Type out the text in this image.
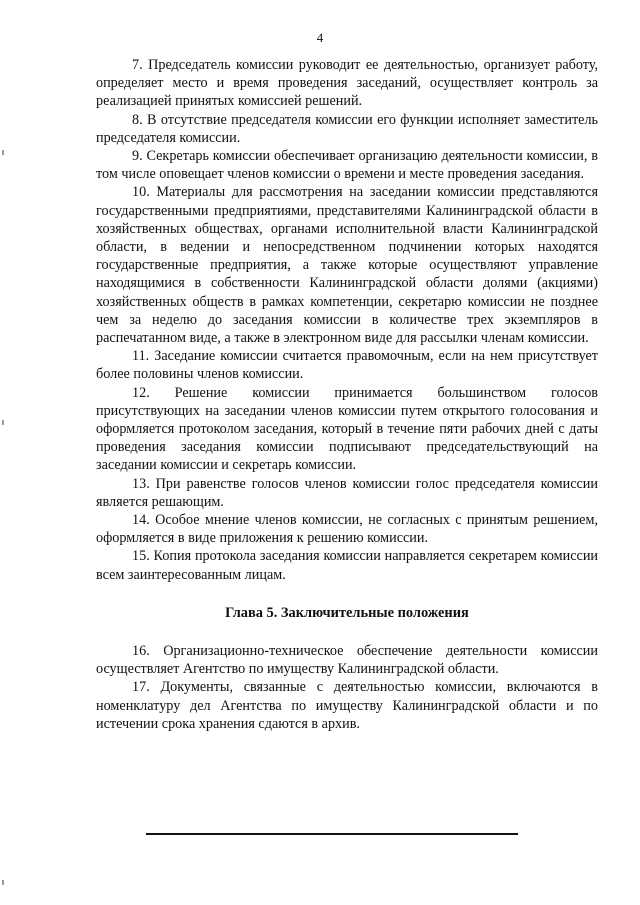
4

7. Председатель комиссии руководит ее деятельностью, организует работу, определяет место и время проведения заседаний, осуществляет контроль за реализацией принятых комиссией решений.

8. В отсутствие председателя комиссии его функции исполняет заместитель председателя комиссии.

9. Секретарь комиссии обеспечивает организацию деятельности комиссии, в том числе оповещает членов комиссии о времени и месте проведения заседания.

10. Материалы для рассмотрения на заседании комиссии представляются государственными предприятиями, представителями Калининградской области в хозяйственных обществах, органами исполнительной власти Калининградской области, в ведении и непосредственном подчинении которых находятся государственные предприятия, а также которые осуществляют управление находящимися в собственности Калининградской области долями (акциями) хозяйственных обществ в рамках компетенции, секретарю комиссии не позднее чем за неделю до заседания комиссии в количестве трех экземпляров в распечатанном виде, а также в электронном виде для рассылки членам комиссии.

11. Заседание комиссии считается правомочным, если на нем присутствует более половины членов комиссии.

12. Решение комиссии принимается большинством голосов присутствующих на заседании членов комиссии путем открытого голосования и оформляется протоколом заседания, который в течение пяти рабочих дней с даты проведения заседания комиссии подписывают председательствующий на заседании комиссии и секретарь комиссии.

13. При равенстве голосов членов комиссии голос председателя комиссии является решающим.

14. Особое мнение членов комиссии, не согласных с принятым решением, оформляется в виде приложения к решению комиссии.

15. Копия протокола заседания комиссии направляется секретарем комиссии всем заинтересованным лицам.

Глава 5. Заключительные положения

16. Организационно-техническое обеспечение деятельности комиссии осуществляет Агентство по имуществу Калининградской области.

17. Документы, связанные с деятельностью комиссии, включаются в номенклатуру дел Агентства по имуществу Калининградской области и по истечении срока хранения сдаются в архив.
